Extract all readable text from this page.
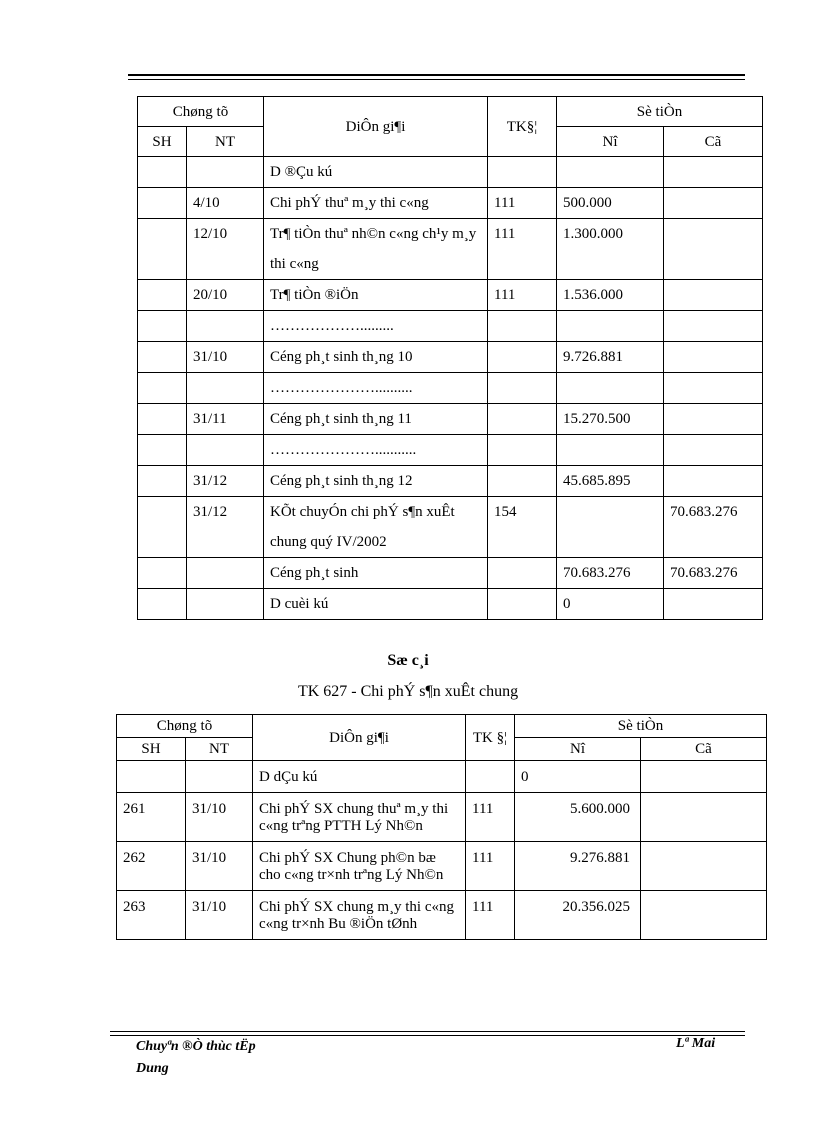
Chøng tõ		DiÔn gi¶i	TK§¦	Sè tiÒn	
SH	NT			Nî	Cã
		D ®Çu kú			
	4/10	Chi phÝ thuª m¸y thi c«ng	111	500.000	
	12/10	Tr¶ tiÒn thuª nh©n c«ng ch¹y m¸y thi c«ng	111	1.300.000	
	20/10	Tr¶ tiÒn ®iÖn	111	1.536.000	
		……………….........			
	31/10	Céng ph¸t sinh th¸ng 10		9.726.881	
		…………………..........			
	31/11	Céng ph¸t sinh th¸ng 11		15.270.500	
		…………………...........			
	31/12	Céng ph¸t sinh th¸ng 12		45.685.895	
	31/12	KÕt chuyÓn chi phÝ s¶n xuÊt chung quý IV/2002	154		70.683.276
		Céng ph¸t sinh		70.683.276	70.683.276
		D cuèi kú		0	
Sæ c¸i
TK 627 - Chi phÝ s¶n xuÊt chung
Chøng tõ		DiÔn gi¶i	TK §¦	Sè tiÒn	
SH	NT			Nî	Cã
		D dÇu kú		0	
261	31/10	Chi phÝ SX chung thuª m¸y thi c«ng trªng PTTH Lý Nh©n	111	5.600.000	
262	31/10	Chi phÝ SX Chung ph©n bæ cho c«ng tr×nh trªng Lý Nh©n	111	9.276.881	
263	31/10	Chi phÝ SX chung m¸y thi c«ng c«ng tr×nh Bu ®iÖn tØnh	111	20.356.025	
Chuyªn ®Ò thùc tËp
Dung
Lª Mai
